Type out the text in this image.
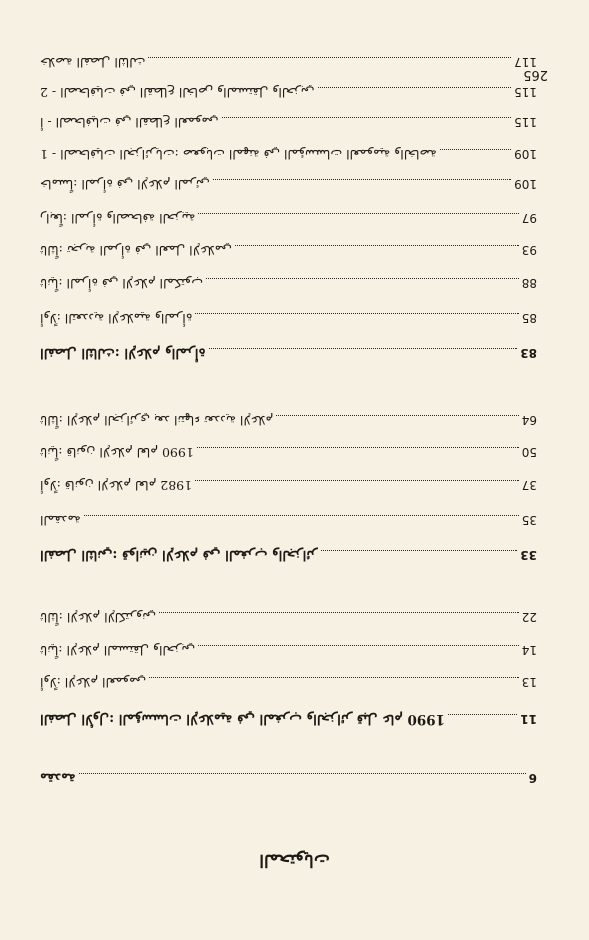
المحتويات
مقدمة	6
الفصل الأول: المؤسسات الإعلامية في المغرب والجزائر قبل عام 1990	11
أولاً: الإعلام العمومي	13
ثانياً: الإعلام المستقل والحزبي	14
ثالثاً: الإعلام الإلكتروني	22
الفصل الثاني: قوانين الإعلام في المغرب والجزائر	33
المقدمة	35
أولاً: قانون الإعلام لعام 1982	37
ثانياً: قانون الإعلام لعام 1990	50
ثالثاً: الإعلام الجزائري بعد انتهاء تعددية الإعلام	64
الفصل الثالث: الإعلام والمرأة	83
أولاً: التعددية الإعلامية والمرأة	85
ثانياً: المرأة في الإعلام المكتوب	88
ثالثاً: تجربة المرأة في العمل الإعلامي	93
رابعاً: المرأة والصحافة الحزبية	97
خامساً: المرأة في الإعلام المرئي	109
1 - الصحافيات الجزائريات: صعوبات المهنة في المؤسسات العمومية والخاصة	109
أ - الصحافيات في القطاع العمومي	115
2 - الصحافيات في القطاع الخاص والمستقل والحزبي	115
خلاصة الفصل الثالث	117
265
